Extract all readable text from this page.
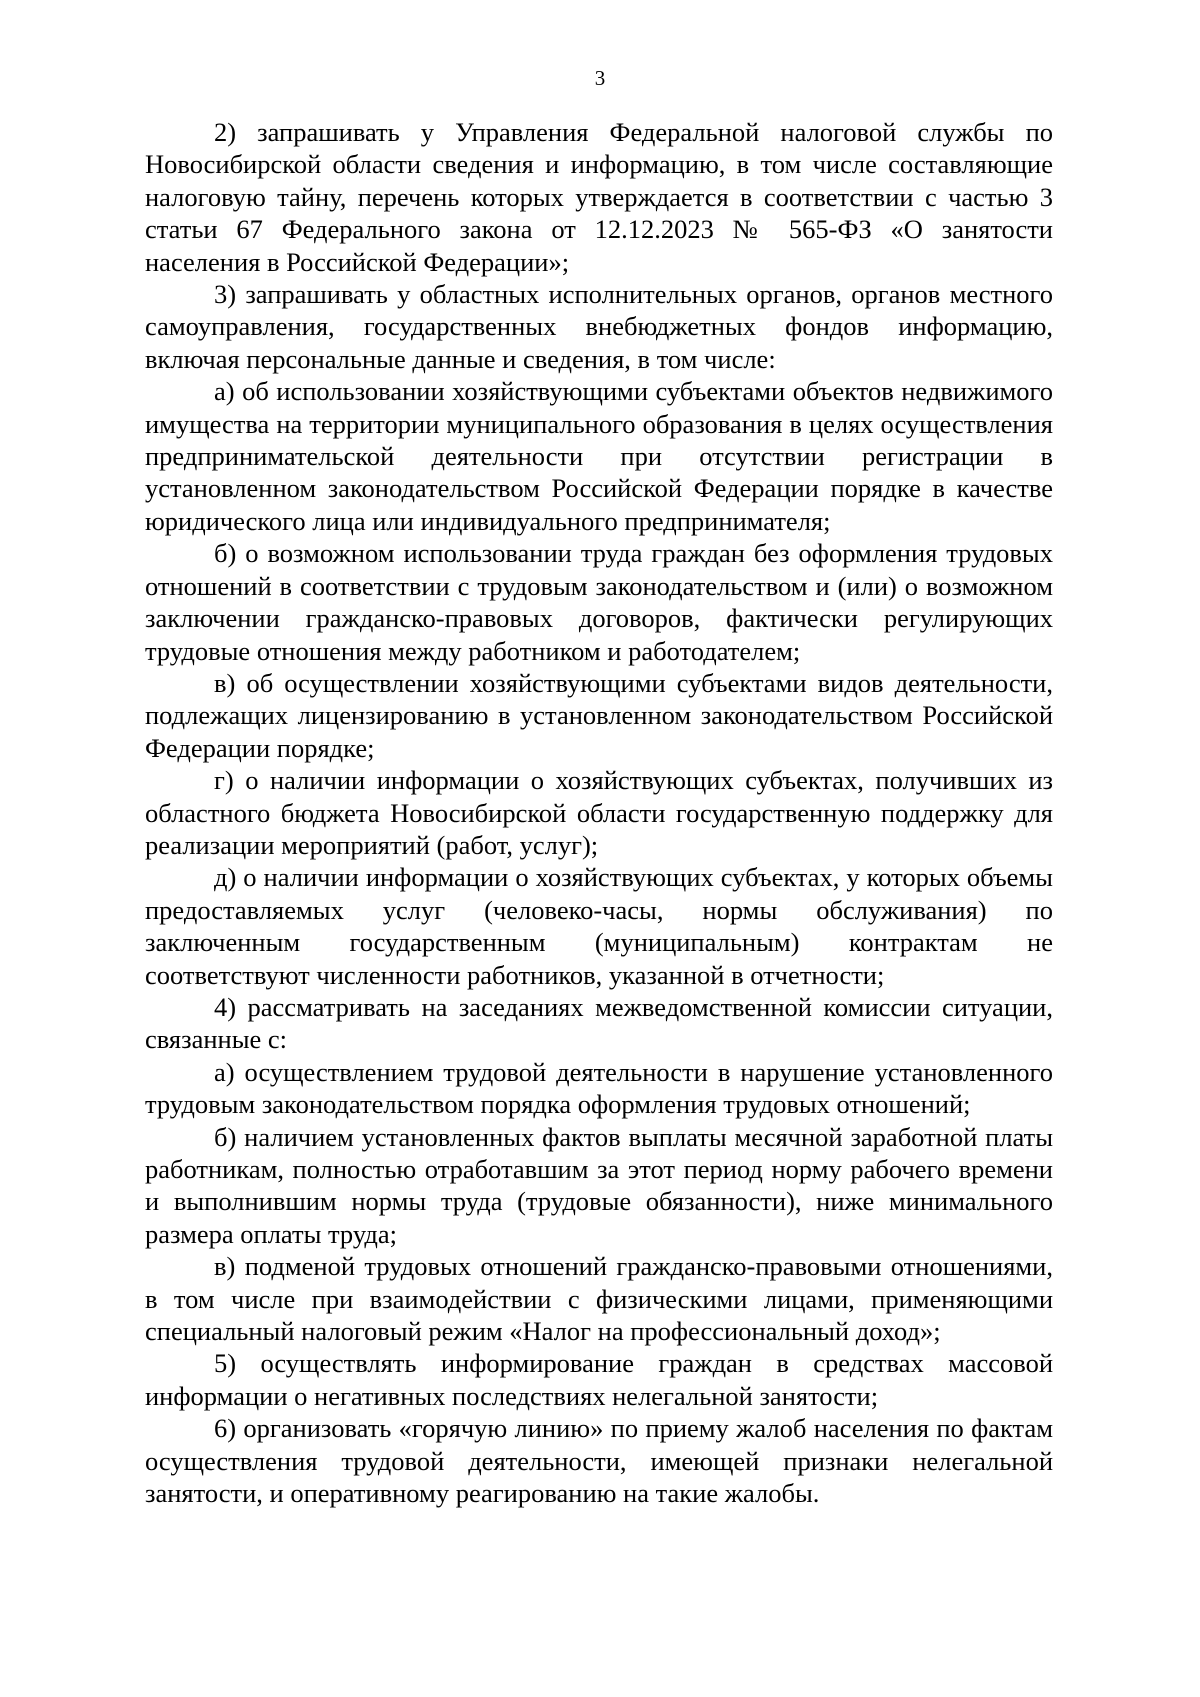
3

2) запрашивать у Управления Федеральной налоговой службы по Новосибирской области сведения и информацию, в том числе составляющие налоговую тайну, перечень которых утверждается в соответствии с частью 3 статьи 67 Федерального закона от 12.12.2023 № 565-ФЗ «О занятости населения в Российской Федерации»;

3) запрашивать у областных исполнительных органов, органов местного самоуправления, государственных внебюджетных фондов информацию, включая персональные данные и сведения, в том числе:

а) об использовании хозяйствующими субъектами объектов недвижимого имущества на территории муниципального образования в целях осуществления предпринимательской деятельности при отсутствии регистрации в установленном законодательством Российской Федерации порядке в качестве юридического лица или индивидуального предпринимателя;

б) о возможном использовании труда граждан без оформления трудовых отношений в соответствии с трудовым законодательством и (или) о возможном заключении гражданско-правовых договоров, фактически регулирующих трудовые отношения между работником и работодателем;

в) об осуществлении хозяйствующими субъектами видов деятельности, подлежащих лицензированию в установленном законодательством Российской Федерации порядке;

г) о наличии информации о хозяйствующих субъектах, получивших из областного бюджета Новосибирской области государственную поддержку для реализации мероприятий (работ, услуг);

д) о наличии информации о хозяйствующих субъектах, у которых объемы предоставляемых услуг (человеко-часы, нормы обслуживания) по заключенным государственным (муниципальным) контрактам не соответствуют численности работников, указанной в отчетности;

4) рассматривать на заседаниях межведомственной комиссии ситуации, связанные с:

а) осуществлением трудовой деятельности в нарушение установленного трудовым законодательством порядка оформления трудовых отношений;

б) наличием установленных фактов выплаты месячной заработной платы работникам, полностью отработавшим за этот период норму рабочего времени и выполнившим нормы труда (трудовые обязанности), ниже минимального размера оплаты труда;

в) подменой трудовых отношений гражданско-правовыми отношениями, в том числе при взаимодействии с физическими лицами, применяющими специальный налоговый режим «Налог на профессиональный доход»;

5) осуществлять информирование граждан в средствах массовой информации о негативных последствиях нелегальной занятости;

6) организовать «горячую линию» по приему жалоб населения по фактам осуществления трудовой деятельности, имеющей признаки нелегальной занятости, и оперативному реагированию на такие жалобы.
